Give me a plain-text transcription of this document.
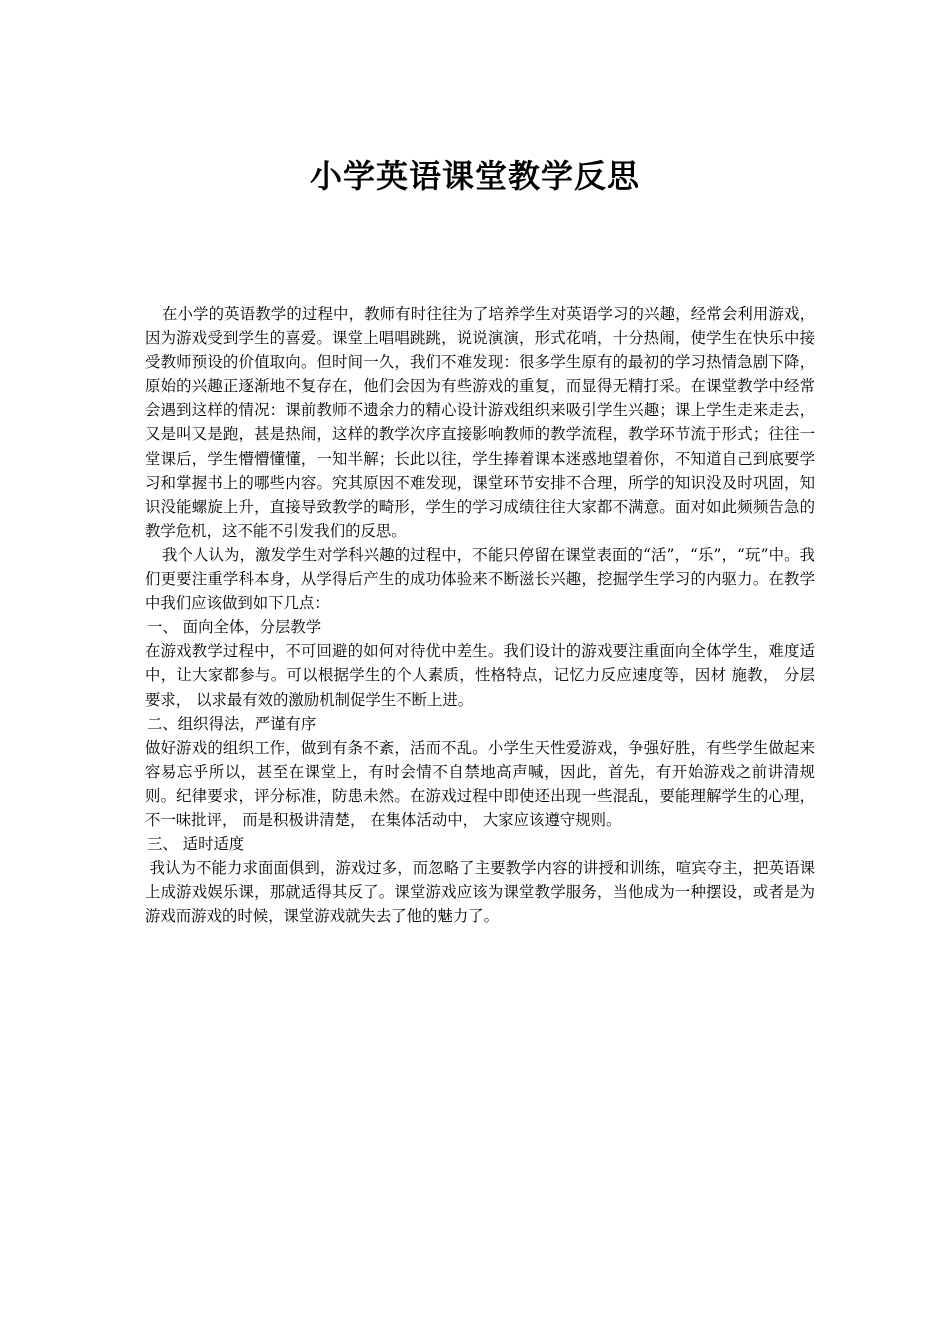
小学英语课堂教学反思

在小学的英语教学的过程中，教师有时往往为了培养学生对英语学习的兴趣，经常会利用游戏，因为游戏受到学生的喜爱。课堂上唱唱跳跳，说说演演，形式花哨，十分热闹，使学生在快乐中接受教师预设的价值取向。但时间一久，我们不难发现：很多学生原有的最初的学习热情急剧下降，原始的兴趣正逐渐地不复存在，他们会因为有些游戏的重复，而显得无精打采。在课堂教学中经常会遇到这样的情况：课前教师不遗余力的精心设计游戏组织来吸引学生兴趣；课上学生走来走去，又是叫又是跑，甚是热闹，这样的教学次序直接影响教师的教学流程，教学环节流于形式；往往一堂课后，学生懵懵懂懂，一知半解；长此以往，学生捧着课本迷惑地望着你，不知道自己到底要学习和掌握书上的哪些内容。究其原因不难发现，课堂环节安排不合理，所学的知识没及时巩固，知识没能螺旋上升，直接导致教学的畸形，学生的学习成绩往往大家都不满意。面对如此频频告急的教学危机，这不能不引发我们的反思。

我个人认为，激发学生对学科兴趣的过程中，不能只停留在课堂表面的“活”，“乐”，“玩”中。我们更要注重学科本身，从学得后产生的成功体验来不断滋长兴趣，挖掘学生学习的内驱力。在教学中我们应该做到如下几点：

一、 面向全体，分层教学

在游戏教学过程中，不可回避的如何对待优中差生。我们设计的游戏要注重面向全体学生，难度适中，让大家都参与。可以根据学生的个人素质，性格特点，记忆力反应速度等，因材 施教， 分层要求， 以求最有效的激励机制促学生不断上进。

二、组织得法，严谨有序

做好游戏的组织工作，做到有条不紊，活而不乱。小学生天性爱游戏，争强好胜，有些学生做起来容易忘乎所以，甚至在课堂上，有时会情不自禁地高声喊，因此，首先，有开始游戏之前讲清规则。纪律要求，评分标准，防患未然。在游戏过程中即使还出现一些混乱，要能理解学生的心理， 不一味批评， 而是积极讲清楚， 在集体活动中， 大家应该遵守规则。

三、 适时适度

我认为不能力求面面俱到，游戏过多，而忽略了主要教学内容的讲授和训练，喧宾夺主，把英语课上成游戏娱乐课，那就适得其反了。课堂游戏应该为课堂教学服务，当他成为一种摆设，或者是为游戏而游戏的时候，课堂游戏就失去了他的魅力了。
